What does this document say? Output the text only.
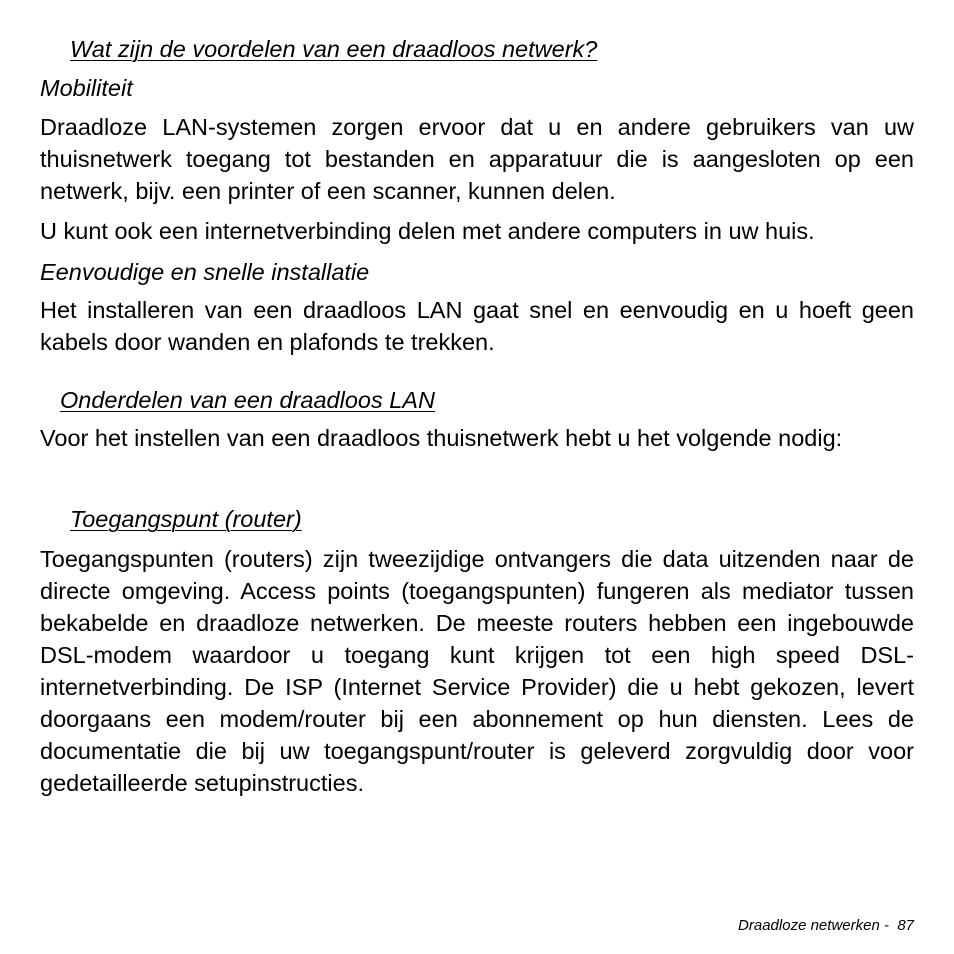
Wat zijn de voordelen van een draadloos netwerk?
Mobiliteit

Draadloze LAN-systemen zorgen ervoor dat u en andere gebruikers van uw thuisnetwerk toegang tot bestanden en apparatuur die is aangesloten op een netwerk, bijv. een printer of een scanner, kunnen delen.

U kunt ook een internetverbinding delen met andere computers in uw huis.

Eenvoudige en snelle installatie

Het installeren van een draadloos LAN gaat snel en eenvoudig en u hoeft geen kabels door wanden en plafonds te trekken.

Onderdelen van een draadloos LAN

Voor het instellen van een draadloos thuisnetwerk hebt u het volgende nodig:

Toegangspunt (router)

Toegangspunten (routers) zijn tweezijdige ontvangers die data uitzenden naar de directe omgeving. Access points (toegangspunten) fungeren als mediator tussen bekabelde en draadloze netwerken. De meeste routers hebben een ingebouwde DSL-modem waardoor u toegang kunt krijgen tot een high speed DSL-internetverbinding. De ISP (Internet Service Provider) die u hebt gekozen, levert doorgaans een modem/router bij een abonnement op hun diensten. Lees de documentatie die bij uw toegangspunt/router is geleverd zorgvuldig door voor gedetailleerde setupinstructies.

Draadloze netwerken - 87
